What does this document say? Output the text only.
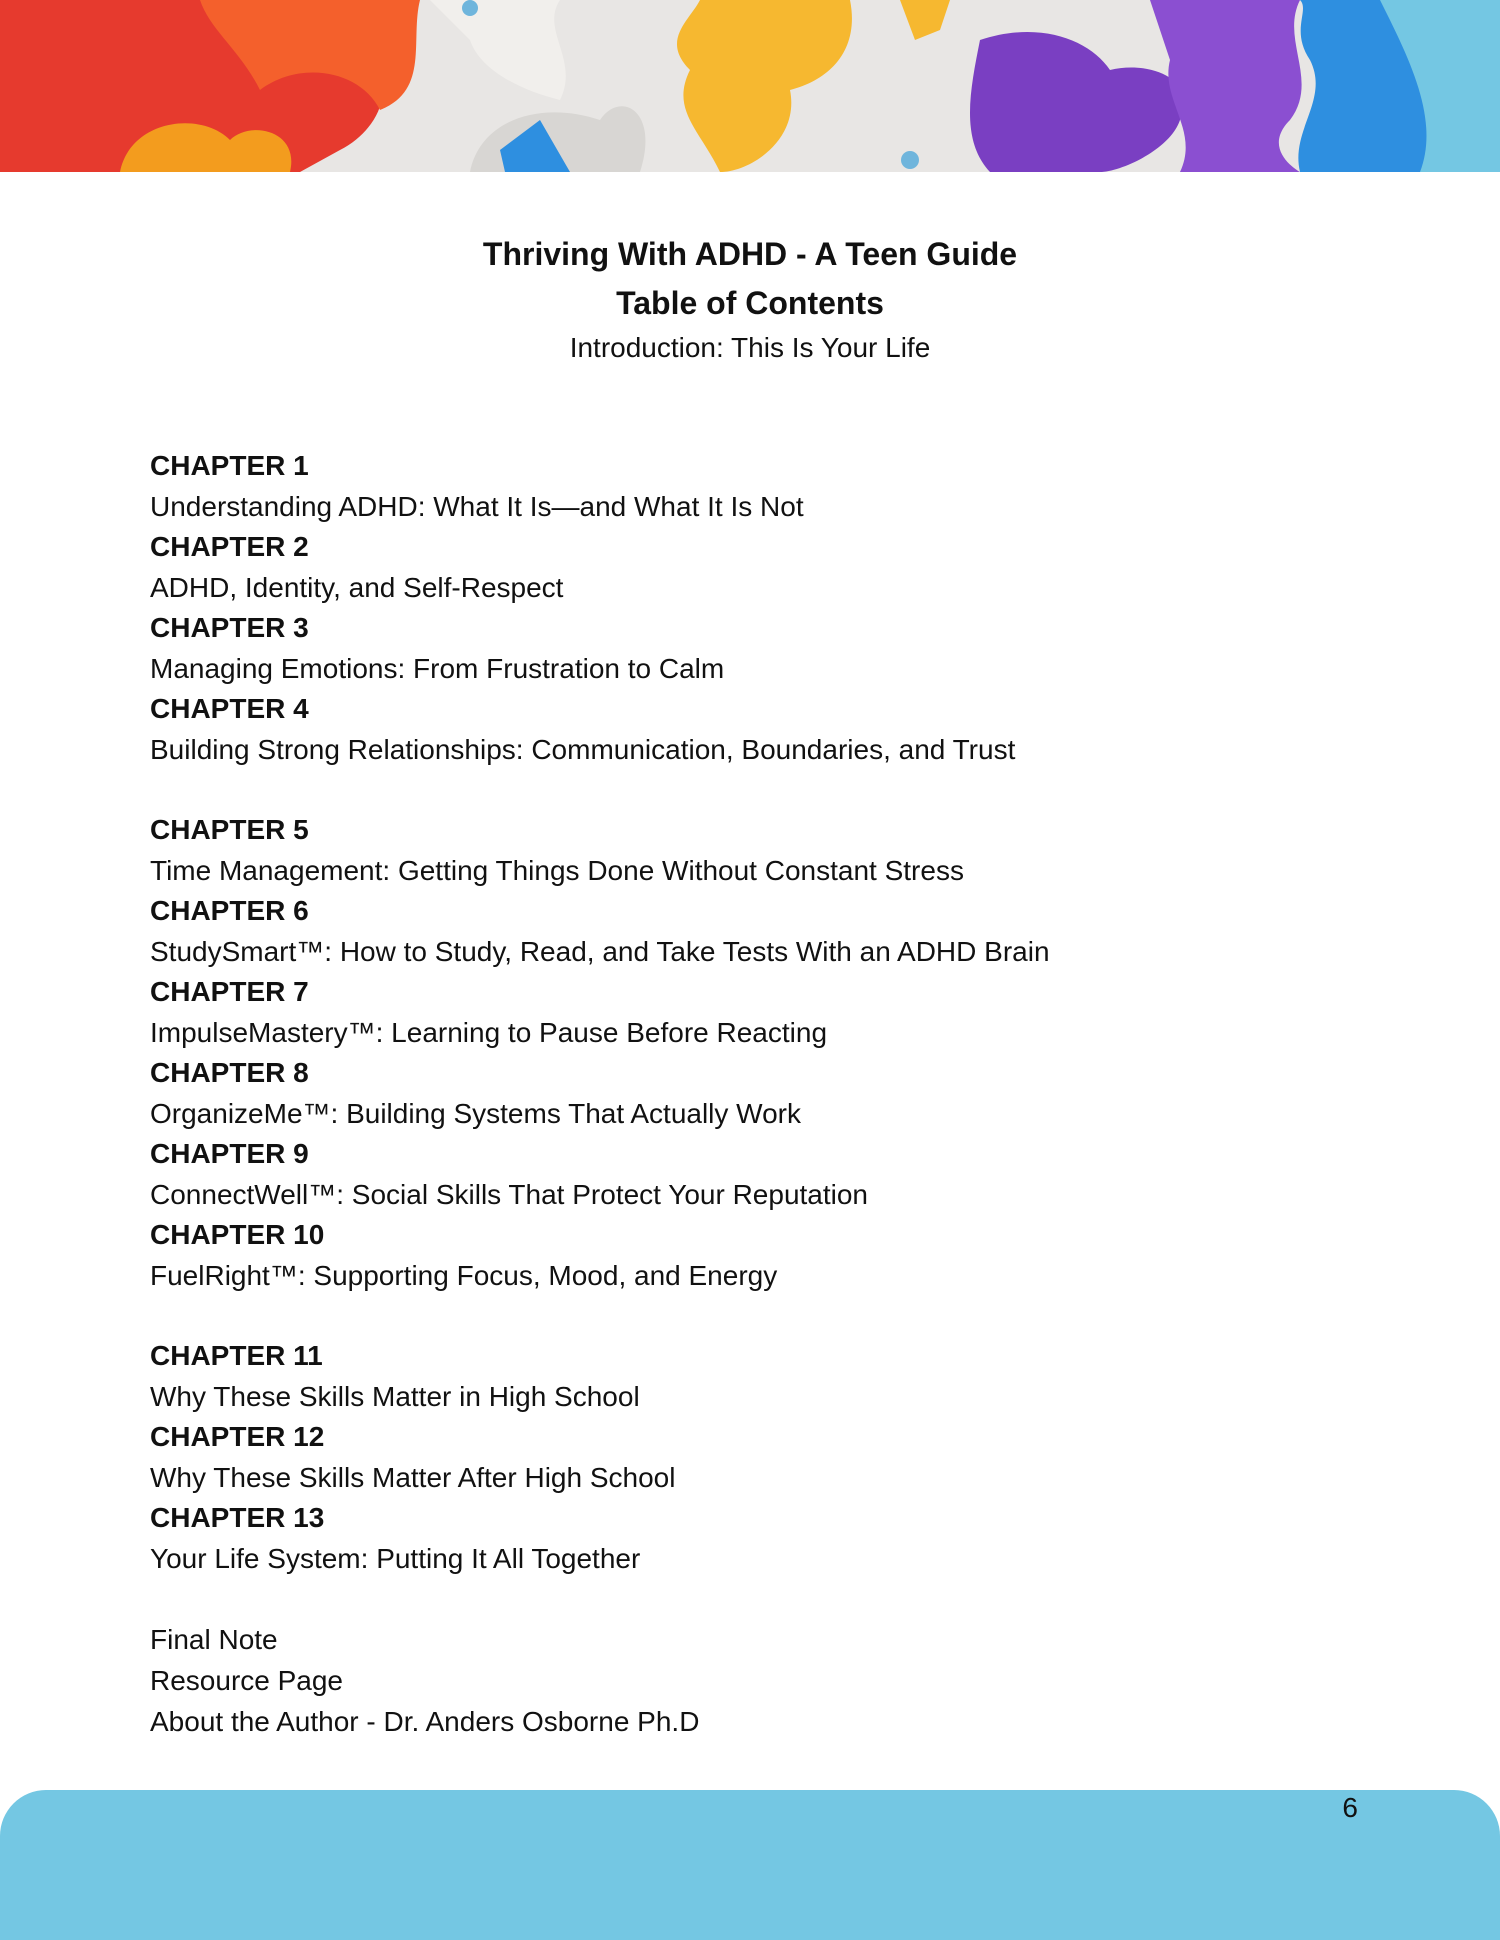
Thriving With ADHD - A Teen Guide

Table of Contents

Introduction: This Is Your Life

CHAPTER 1
Understanding ADHD: What It Is—and What It Is Not
CHAPTER 2
ADHD, Identity, and Self-Respect
CHAPTER 3
Managing Emotions: From Frustration to Calm
CHAPTER 4
Building Strong Relationships: Communication, Boundaries, and Trust
CHAPTER 5
Time Management: Getting Things Done Without Constant Stress
CHAPTER 6
StudySmart™: How to Study, Read, and Take Tests With an ADHD Brain
CHAPTER 7
ImpulseMastery™: Learning to Pause Before Reacting
CHAPTER 8
OrganizeMe™: Building Systems That Actually Work
CHAPTER 9
ConnectWell™: Social Skills That Protect Your Reputation
CHAPTER 10
FuelRight™: Supporting Focus, Mood, and Energy
CHAPTER 11
Why These Skills Matter in High School
CHAPTER 12
Why These Skills Matter After High School
CHAPTER 13
Your Life System: Putting It All Together
Final Note
Resource Page
About the Author - Dr. Anders Osborne Ph.D
6
